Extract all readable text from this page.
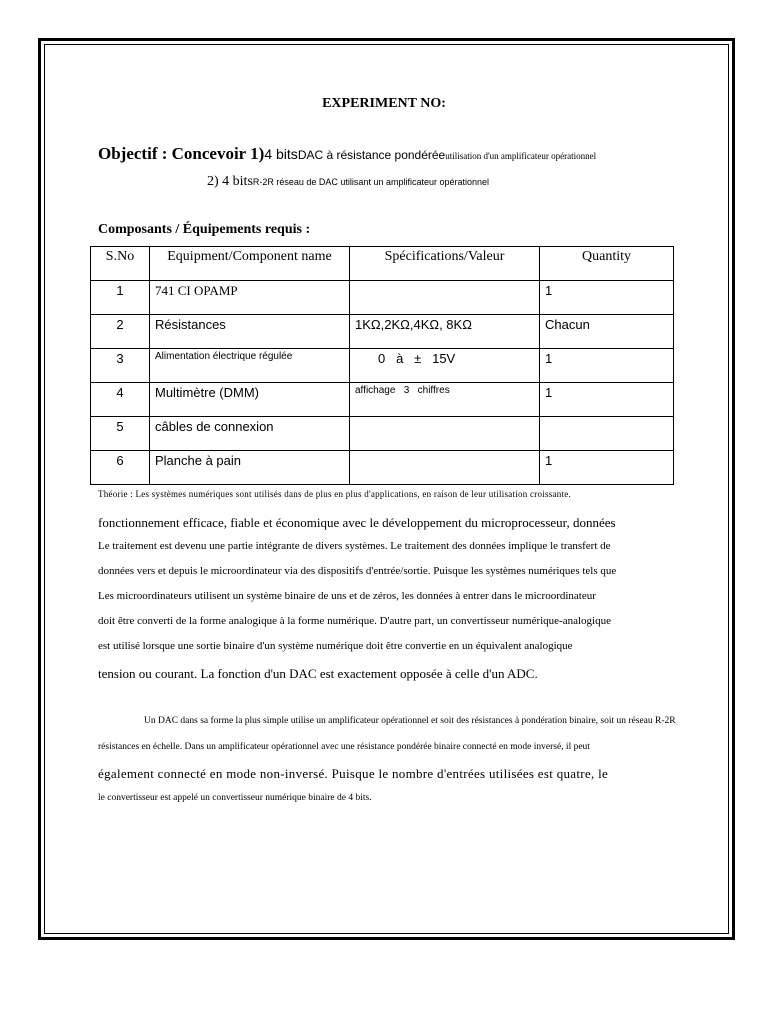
EXPERIMENT NO:
Objectif : Concevoir 1)4 bitsDAC à résistance pondéréeutilisation d'un amplificateur opérationnel
2) 4 bitsR-2R réseau de DAC utilisant un amplificateur opérationnel
Composants / Équipements requis :
S.No	Equipment/Component name	Spécifications/Valeur	Quantity
1	741 CI OPAMP		1
2	Résistances	1KΩ,2KΩ,4KΩ, 8KΩ	Chacun
3	Alimentation électrique régulée	0   à   ±   15V	1
4	Multimètre (DMM)	affichage   3   chiffres	1
5	câbles de connexion		
6	Planche à pain		1
Théorie : Les systèmes numériques sont utilisés dans de plus en plus d'applications, en raison de leur utilisation croissante.
fonctionnement efficace, fiable et économique avec le développement du microprocesseur, données
Le traitement est devenu une partie intégrante de divers systèmes. Le traitement des données implique le transfert de
données vers et depuis le microordinateur via des dispositifs d'entrée/sortie. Puisque les systèmes numériques tels que
Les microordinateurs utilisent un système binaire de uns et de zéros, les données à entrer dans le microordinateur
doit être converti de la forme analogique à la forme numérique. D'autre part, un convertisseur numérique-analogique
est utilisé lorsque une sortie binaire d'un système numérique doit être convertie en un équivalent analogique
tension ou courant. La fonction d'un DAC est exactement opposée à celle d'un ADC.
Un DAC dans sa forme la plus simple utilise un amplificateur opérationnel et soit des résistances à pondération binaire, soit un réseau R-2R
résistances en échelle. Dans un amplificateur opérationnel avec une résistance pondérée binaire connecté en mode inversé, il peut
également connecté en mode non-inversé. Puisque le nombre d'entrées utilisées est quatre, le
le convertisseur est appelé un convertisseur numérique binaire de 4 bits.
